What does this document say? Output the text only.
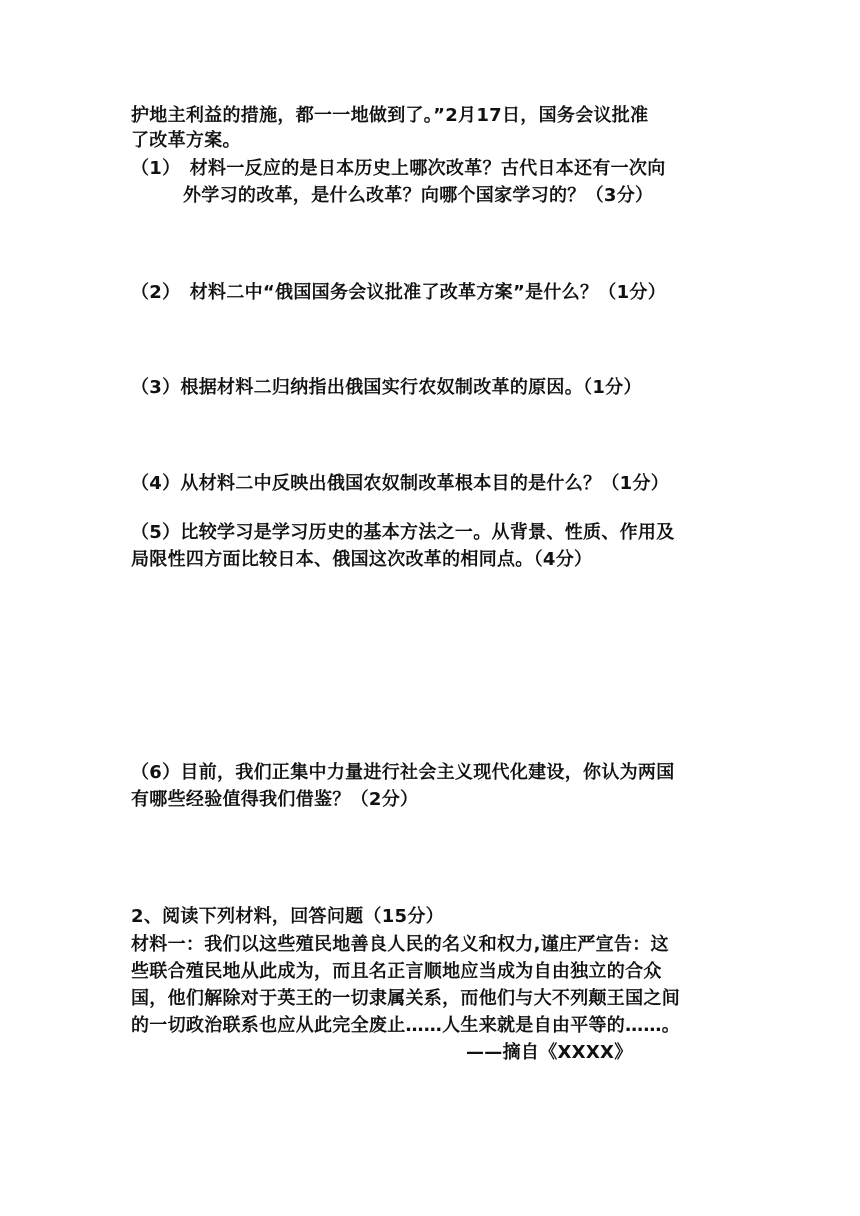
护地主利益的措施，都一一地做到了。”2月17日，国务会议批准
了改革方案。
（1）　材料一反应的是日本历史上哪次改革？古代日本还有一次向
外学习的改革，是什么改革？向哪个国家学习的？（3分）
（2）　材料二中“俄国国务会议批准了改革方案”是什么？（1分）
（3）根据材料二归纳指出俄国实行农奴制改革的原因。（1分）
（4）从材料二中反映出俄国农奴制改革根本目的是什么？（1分）
（5）比较学习是学习历史的基本方法之一。从背景、性质、作用及
局限性四方面比较日本、俄国这次改革的相同点。（4分）
（6）目前，我们正集中力量进行社会主义现代化建设，你认为两国
有哪些经验值得我们借鉴？（2分）
2、阅读下列材料，回答问题（15分）
材料一：我们以这些殖民地善良人民的名义和权力,谨庄严宣告：这
些联合殖民地从此成为，而且名正言顺地应当成为自由独立的合众
国，他们解除对于英王的一切隶属关系，而他们与大不列颠王国之间
的一切政治联系也应从此完全废止……人生来就是自由平等的……。
——摘自《XXXX》
